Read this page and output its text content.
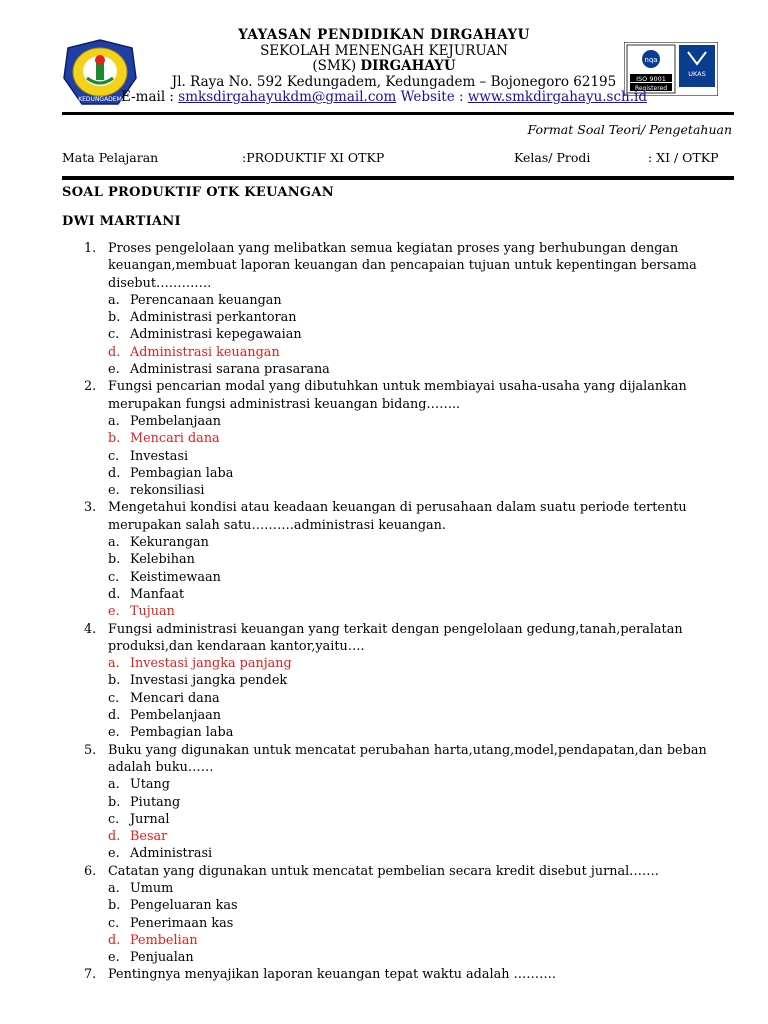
KEDUNGADEM
nqa
ISO 9001
Registered
UKAS
YAYASAN PENDIDIKAN DIRGAHAYU
SEKOLAH MENENGAH KEJURUAN
(SMK) DIRGAHAYU
Jl. Raya No. 592 Kedungadem, Kedungadem – Bojonegoro 62195
E-mail : smksdirgahayukdm@gmail.com Website : www.smkdirgahayu.sch.id
Format Soal Teori/ Pengetahuan
Mata Pelajaran	:PRODUKTIF XI OTKP	Kelas/ Prodi	: XI / OTKP
SOAL PRODUKTIF OTK KEUANGAN
DWI MARTIANI
1. Proses pengelolaan yang melibatkan semua kegiatan proses yang berhubungan dengan keuangan,membuat laporan keuangan dan pencapaian tujuan untuk kepentingan bersama disebut………….
a. Perencanaan keuangan
b. Administrasi perkantoran
c. Administrasi kepegawaian
d. Administrasi keuangan
e. Administrasi sarana prasarana
2. Fungsi pencarian modal yang dibutuhkan untuk membiayai usaha-usaha yang dijalankan merupakan fungsi administrasi keuangan bidang……..
a. Pembelanjaan
b. Mencari dana
c. Investasi
d. Pembagian laba
e. rekonsiliasi
3. Mengetahui kondisi atau keadaan keuangan di perusahaan dalam suatu periode tertentu merupakan salah satu……….administrasi keuangan.
a. Kekurangan
b. Kelebihan
c. Keistimewaan
d. Manfaat
e. Tujuan
4. Fungsi administrasi keuangan yang terkait dengan pengelolaan gedung,tanah,peralatan produksi,dan kendaraan kantor,yaitu….
a. Investasi jangka panjang
b. Investasi jangka pendek
c. Mencari dana
d. Pembelanjaan
e. Pembagian laba
5. Buku yang digunakan untuk mencatat perubahan harta,utang,model,pendapatan,dan beban adalah buku……
a. Utang
b. Piutang
c. Jurnal
d. Besar
e. Administrasi
6. Catatan yang digunakan untuk mencatat pembelian secara kredit disebut jurnal…….
a. Umum
b. Pengeluaran kas
c. Penerimaan kas
d. Pembelian
e. Penjualan
7. Pentingnya menyajikan laporan keuangan tepat waktu adalah ……….
